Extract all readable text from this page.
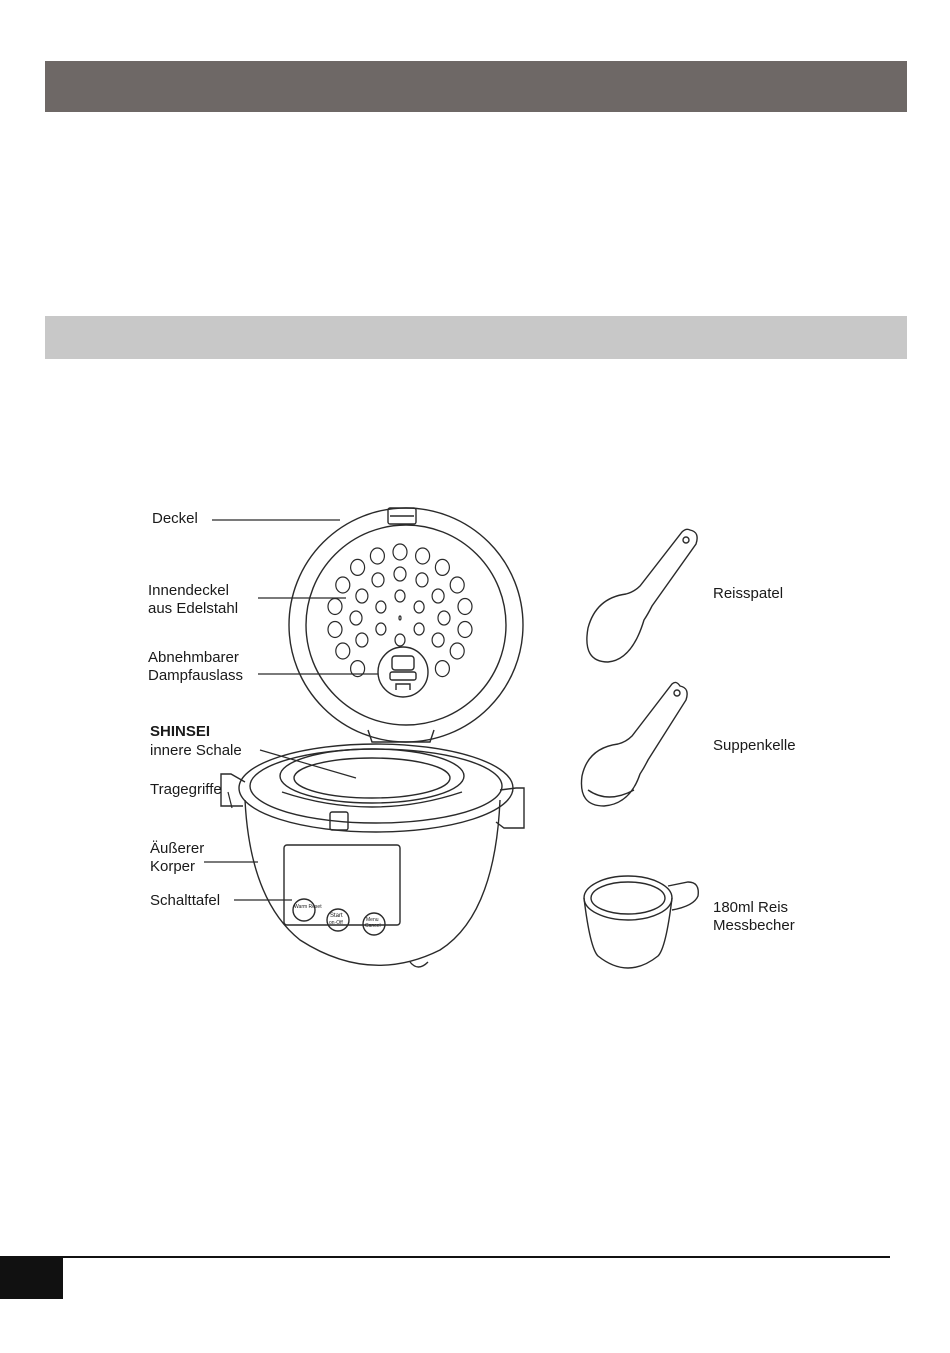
Deckel
Innendeckel
aus Edelstahl
Abnehmbarer
Dampfauslass
SHINSEI
innere Schale
Tragegriffe
Äußerer
Korper
Schalttafel
Reisspatel
Suppenkelle
180ml Reis
Messbecher
Warm Reset
Start
on·Off	Menu
Cancel
